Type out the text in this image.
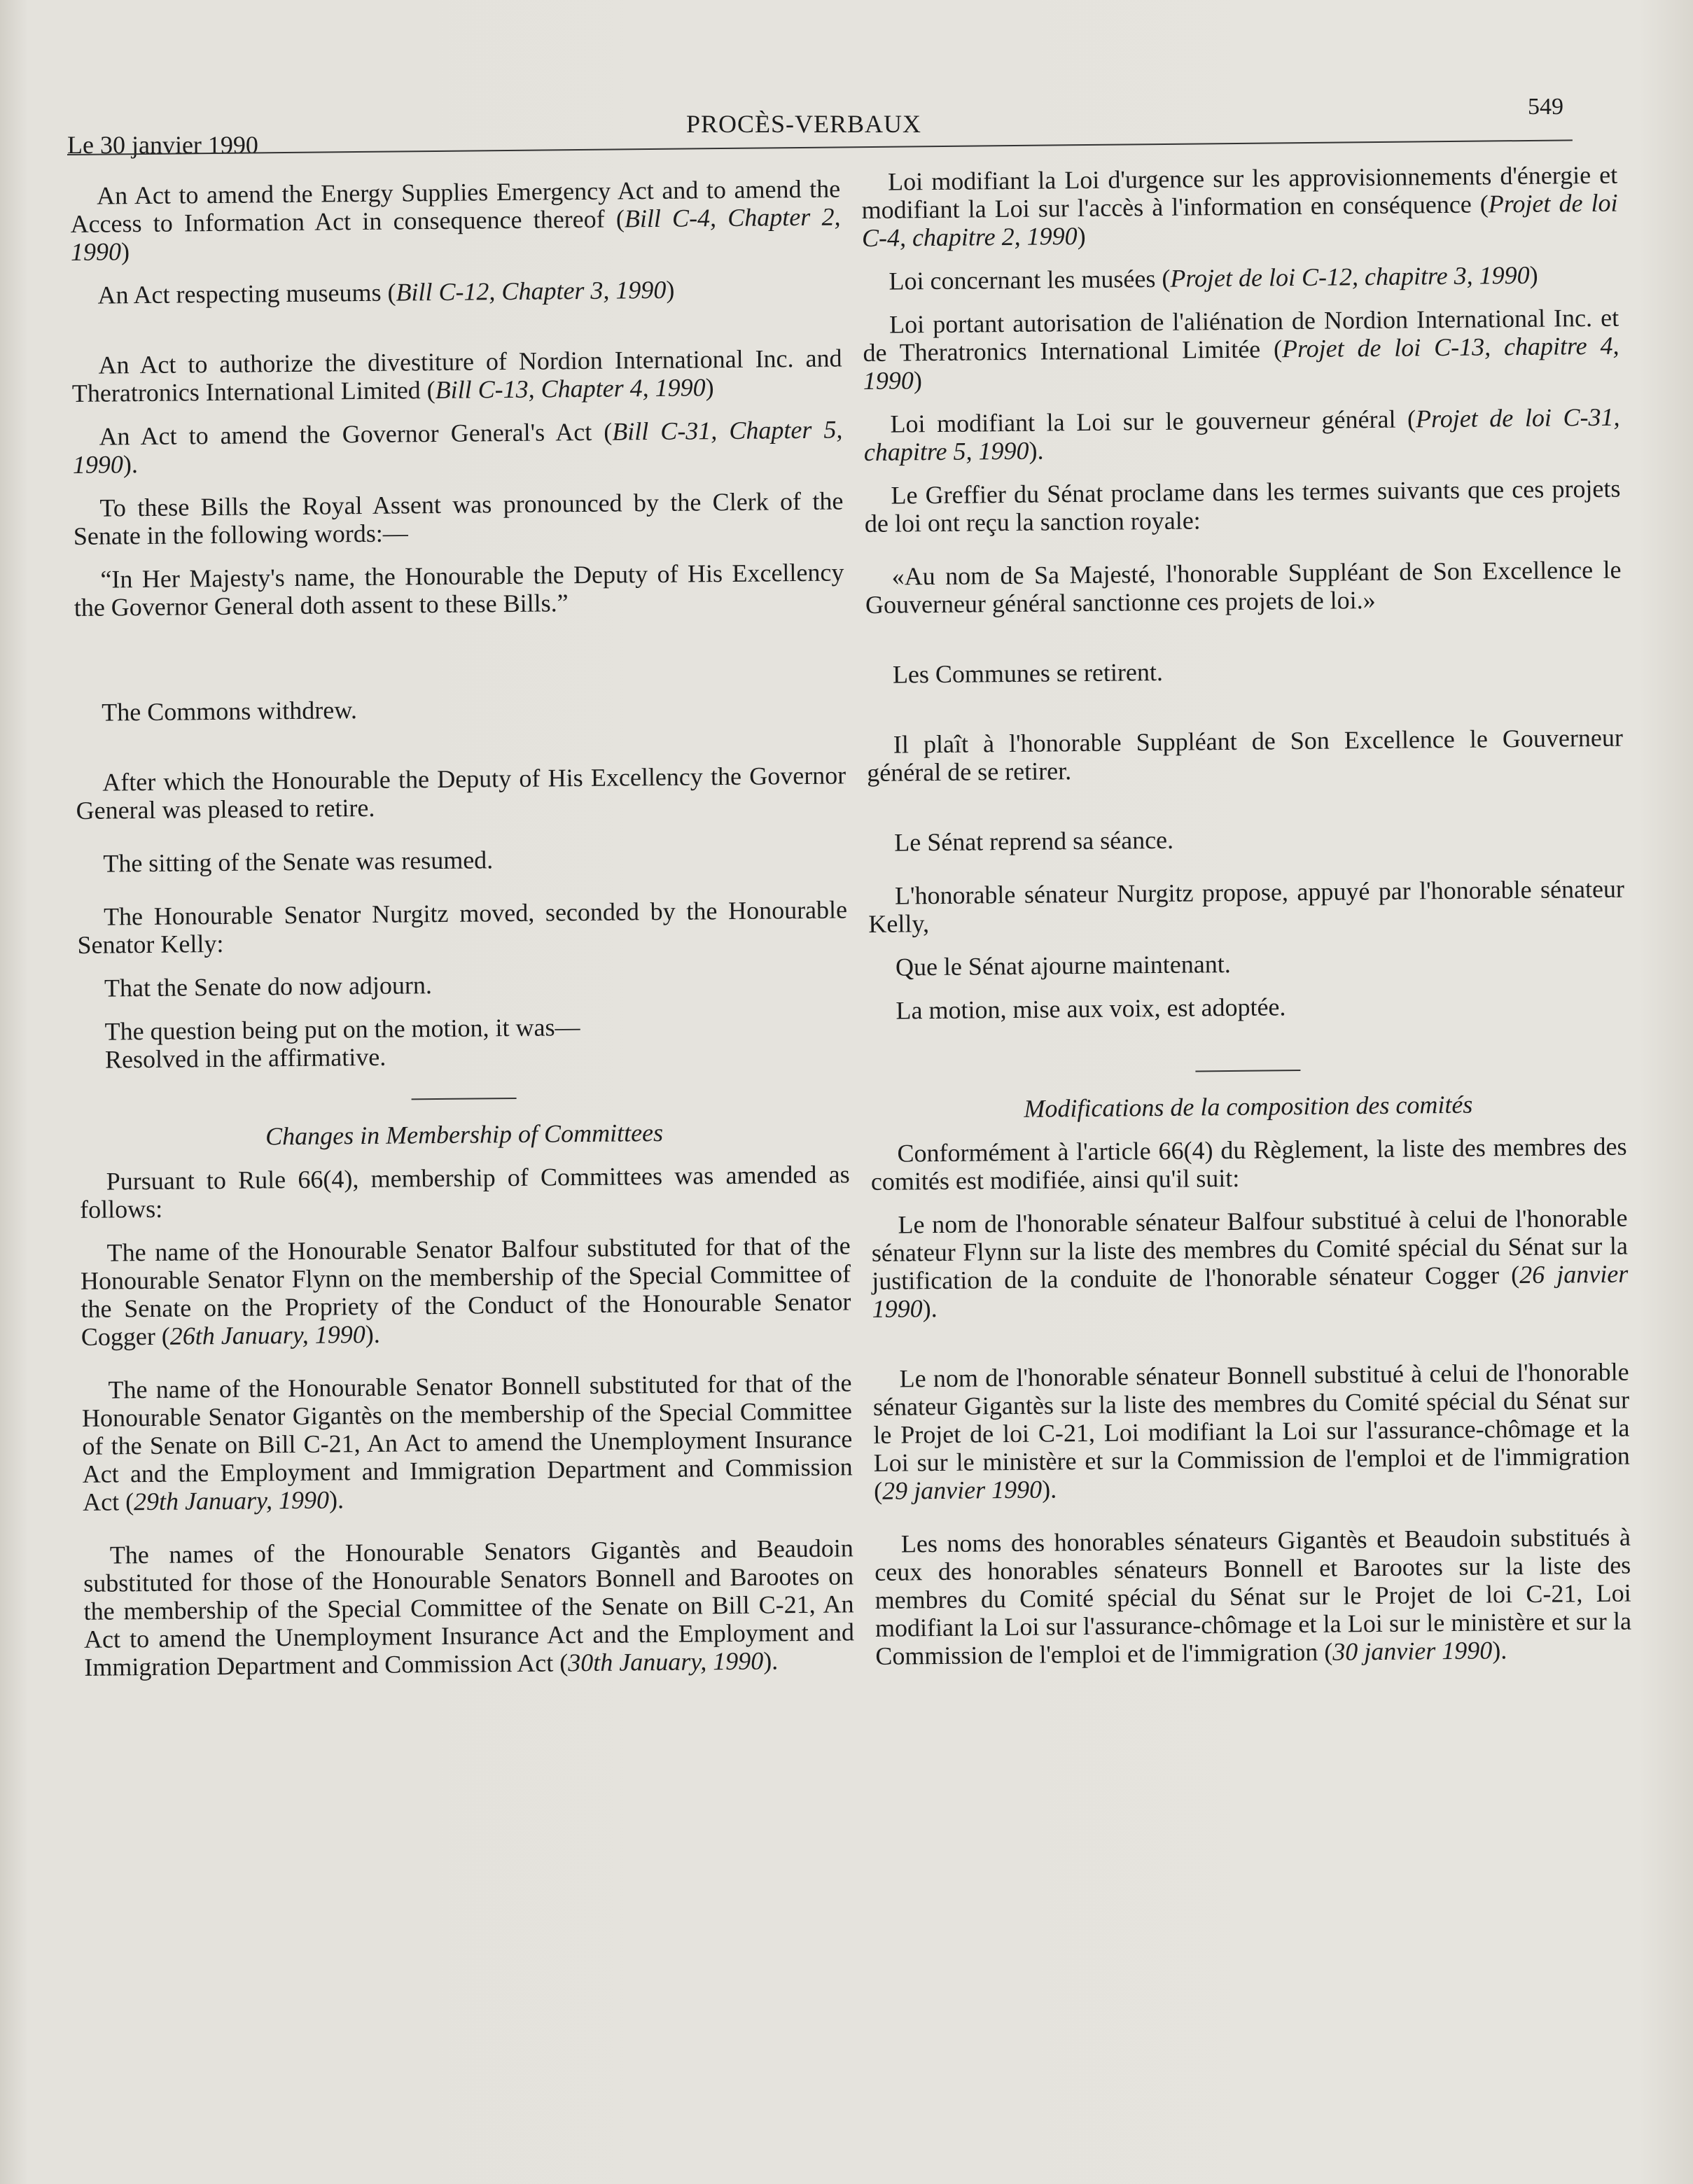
Le 30 janvier 1990
PROCÈS-VERBAUX
549

An Act to amend the Energy Supplies Emergency Act and to amend the Access to Information Act in consequence thereof (Bill C-4, Chapter 2, 1990)

An Act respecting museums (Bill C-12, Chapter 3, 1990)

An Act to authorize the divestiture of Nordion International Inc. and Theratronics International Limited (Bill C-13, Chapter 4, 1990)

An Act to amend the Governor General's Act (Bill C-31, Chapter 5, 1990).

To these Bills the Royal Assent was pronounced by the Clerk of the Senate in the following words:—

“In Her Majesty's name, the Honourable the Deputy of His Excellency the Governor General doth assent to these Bills.”

The Commons withdrew.

After which the Honourable the Deputy of His Excellency the Governor General was pleased to retire.

The sitting of the Senate was resumed.

The Honourable Senator Nurgitz moved, seconded by the Honourable Senator Kelly:

That the Senate do now adjourn.

The question being put on the motion, it was—

Resolved in the affirmative.

Changes in Membership of Committees

Pursuant to Rule 66(4), membership of Committees was amended as follows:

The name of the Honourable Senator Balfour substituted for that of the Honourable Senator Flynn on the membership of the Special Committee of the Senate on the Propriety of the Conduct of the Honourable Senator Cogger (26th January, 1990).

The name of the Honourable Senator Bonnell substituted for that of the Honourable Senator Gigantès on the membership of the Special Committee of the Senate on Bill C-21, An Act to amend the Unemployment Insurance Act and the Employment and Immigration Department and Commission Act (29th January, 1990).

The names of the Honourable Senators Gigantès and Beaudoin substituted for those of the Honourable Senators Bonnell and Barootes on the membership of the Special Committee of the Senate on Bill C-21, An Act to amend the Unemployment Insurance Act and the Employment and Immigration Department and Commission Act (30th January, 1990).

Loi modifiant la Loi d'urgence sur les approvisionnements d'énergie et modifiant la Loi sur l'accès à l'information en conséquence (Projet de loi C-4, chapitre 2, 1990)

Loi concernant les musées (Projet de loi C-12, chapitre 3, 1990)

Loi portant autorisation de l'aliénation de Nordion International Inc. et de Theratronics International Limitée (Projet de loi C-13, chapitre 4, 1990)

Loi modifiant la Loi sur le gouverneur général (Projet de loi C-31, chapitre 5, 1990).

Le Greffier du Sénat proclame dans les termes suivants que ces projets de loi ont reçu la sanction royale:

«Au nom de Sa Majesté, l'honorable Suppléant de Son Excellence le Gouverneur général sanctionne ces projets de loi.»

Les Communes se retirent.

Il plaît à l'honorable Suppléant de Son Excellence le Gouverneur général de se retirer.

Le Sénat reprend sa séance.

L'honorable sénateur Nurgitz propose, appuyé par l'honorable sénateur Kelly,

Que le Sénat ajourne maintenant.

La motion, mise aux voix, est adoptée.

Modifications de la composition des comités

Conformément à l'article 66(4) du Règlement, la liste des membres des comités est modifiée, ainsi qu'il suit:

Le nom de l'honorable sénateur Balfour substitué à celui de l'honorable sénateur Flynn sur la liste des membres du Comité spécial du Sénat sur la justification de la conduite de l'honorable sénateur Cogger (26 janvier 1990).

Le nom de l'honorable sénateur Bonnell substitué à celui de l'honorable sénateur Gigantès sur la liste des membres du Comité spécial du Sénat sur le Projet de loi C-21, Loi modifiant la Loi sur l'assurance-chômage et la Loi sur le ministère et sur la Commission de l'emploi et de l'immigration (29 janvier 1990).

Les noms des honorables sénateurs Gigantès et Beaudoin substitués à ceux des honorables sénateurs Bonnell et Barootes sur la liste des membres du Comité spécial du Sénat sur le Projet de loi C-21, Loi modifiant la Loi sur l'assurance-chômage et la Loi sur le ministère et sur la Commission de l'emploi et de l'immigration (30 janvier 1990).
